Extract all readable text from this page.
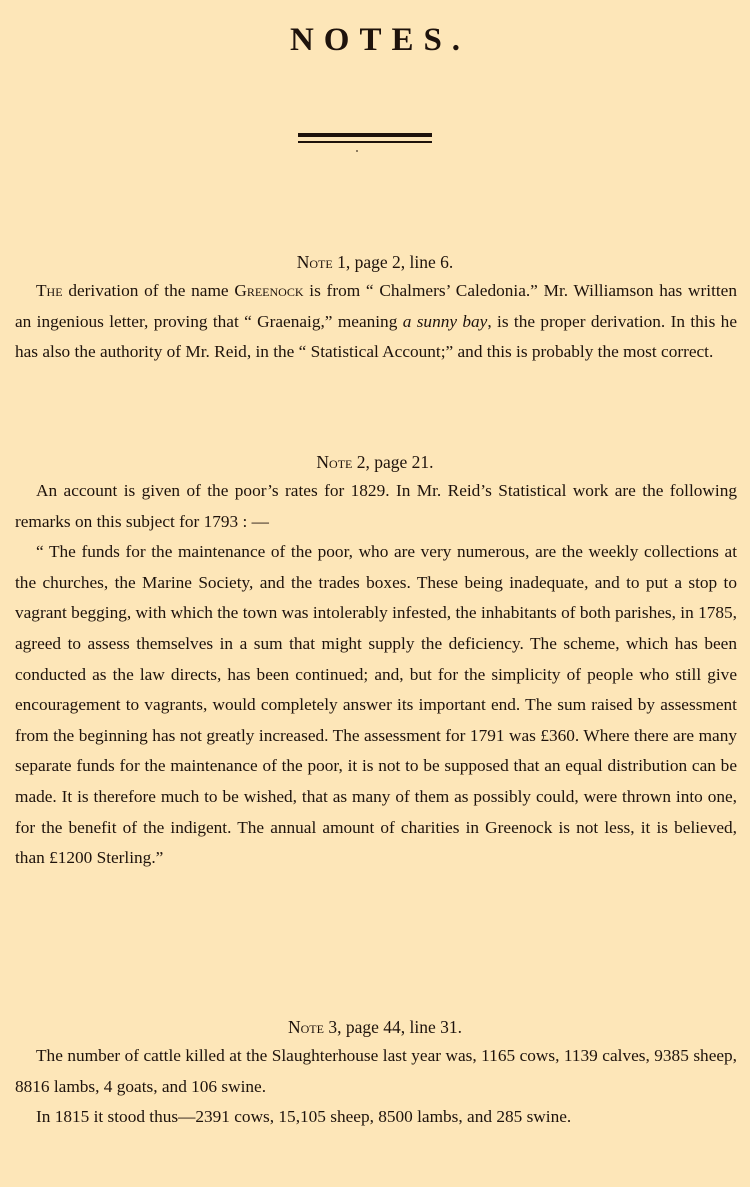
NOTES.
Note 1, page 2, line 6.

The derivation of the name Greenock is from “ Chalmers’ Caledonia.” Mr. Williamson has written an ingenious letter, proving that “ Graenaig,” meaning a sunny bay, is the proper derivation. In this he has also the authority of Mr. Reid, in the “ Statistical Account;” and this is probably the most correct.

Note 2, page 21.

An account is given of the poor’s rates for 1829. In Mr. Reid’s Statistical work are the following remarks on this subject for 1793 : —

“ The funds for the maintenance of the poor, who are very numerous, are the weekly collections at the churches, the Marine Society, and the trades boxes. These being inadequate, and to put a stop to vagrant begging, with which the town was intolerably infested, the inhabitants of both parishes, in 1785, agreed to assess themselves in a sum that might supply the deficiency. The scheme, which has been conducted as the law directs, has been continued; and, but for the simplicity of people who still give encouragement to vagrants, would completely answer its important end. The sum raised by assessment from the beginning has not greatly increased. The assessment for 1791 was £360. Where there are many separate funds for the maintenance of the poor, it is not to be supposed that an equal distribution can be made. It is therefore much to be wished, that as many of them as possibly could, were thrown into one, for the benefit of the indigent. The annual amount of charities in Greenock is not less, it is believed, than £1200 Sterling.”

Note 3, page 44, line 31.

The number of cattle killed at the Slaughterhouse last year was, 1165 cows, 1139 calves, 9385 sheep, 8816 lambs, 4 goats, and 106 swine.

In 1815 it stood thus—2391 cows, 15,105 sheep, 8500 lambs, and 285 swine.
